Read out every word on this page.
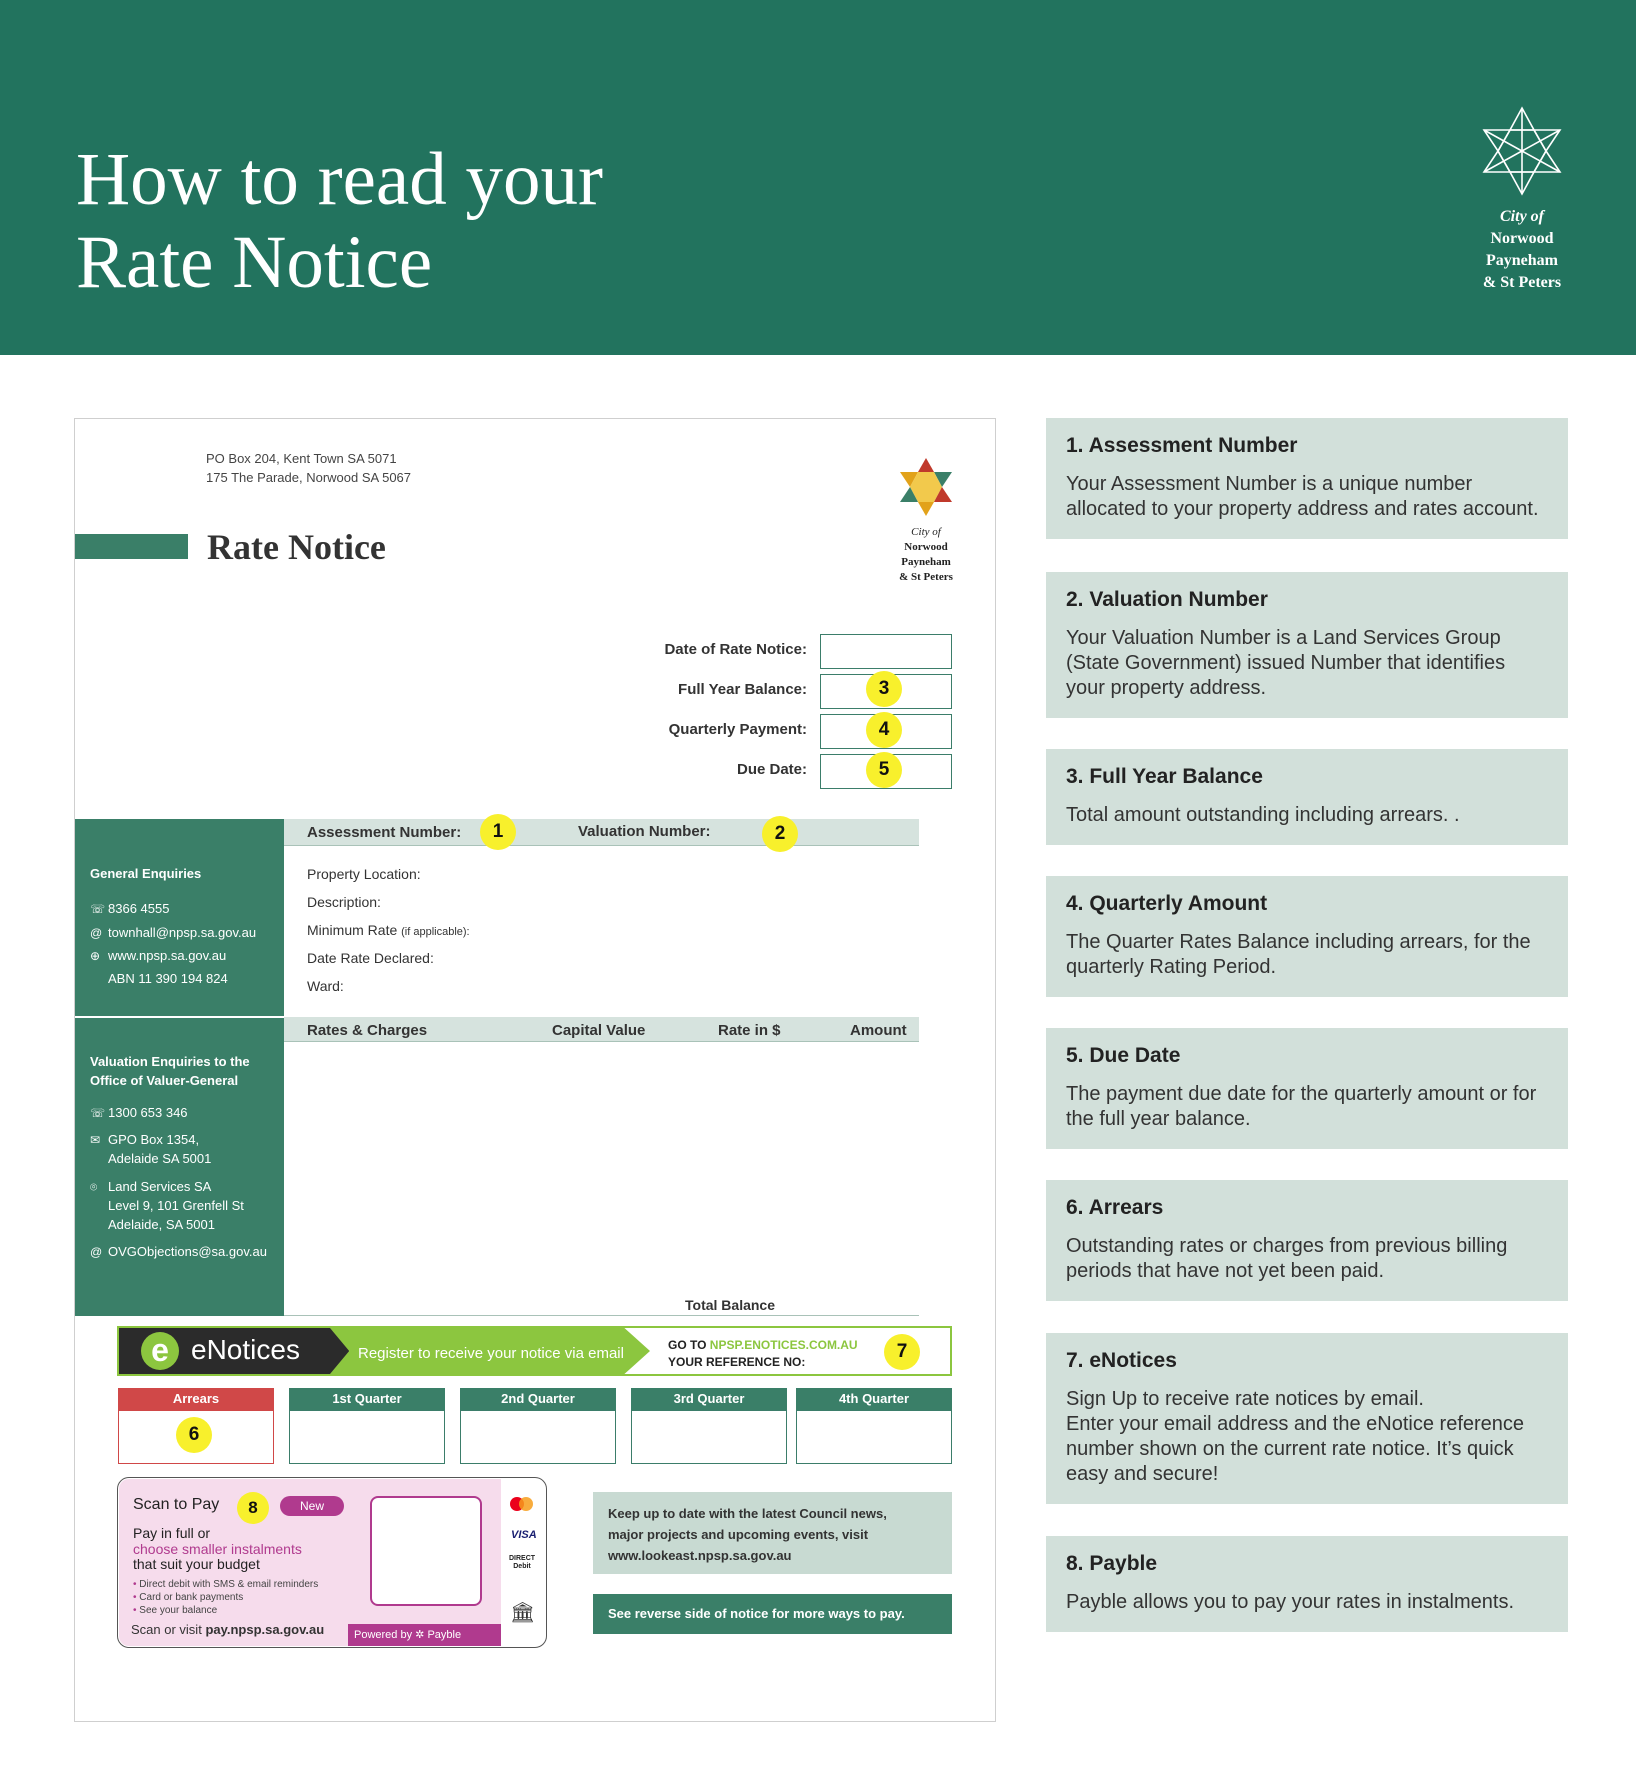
How to read your
Rate Notice
City of
Norwood
Payneham
& St Peters
PO Box 204, Kent Town SA 5071
175 The Parade, Norwood SA 5067
Rate Notice	City of
Norwood
Payneham
& St Peters
Date of Rate Notice:
Full Year Balance:
Quarterly Payment:
Due Date:
3
4
5
General Enquiries
☏ 8366 4555
@ townhall@npsp.sa.gov.au
⊕ www.npsp.sa.gov.au
ABN 11 390 194 824
Valuation Enquiries to the
Office of Valuer-General
☏ 1300 653 346
✉ GPO Box 1354,
Adelaide SA 5001
⌾ Land Services SA
Level 9, 101 Grenfell St
Adelaide, SA 5001
@ OVGObjections@sa.gov.au
Assessment Number:	Valuation Number:
1	2
Property Location:
Description:
Minimum Rate (if applicable):
Date Rate Declared:
Ward:
Rates & Charges	Capital Value	Rate in $	Amount
Total Balance
e eNotices	Register to receive your notice via email	GO TO NPSP.ENOTICES.COM.AU
YOUR REFERENCE NO:	7
Arrears	1st Quarter	2nd Quarter	3rd Quarter	4th Quarter
6
Scan to Pay	8	New
Pay in full or
choose smaller instalments
that suit your budget
• Direct debit with SMS & email reminders
• Card or bank payments
• See your balance
Scan or visit pay.npsp.sa.gov.au	Powered by ✲ Payble
VISA
DIRECT Debit
🏛
Keep up to date with the latest Council news,
major projects and upcoming events, visit
www.lookeast.npsp.sa.gov.au
See reverse side of notice for more ways to pay.
1. Assessment Number
Your Assessment Number is a unique number allocated to your property address and rates account.
2. Valuation Number
Your Valuation Number is a Land Services Group (State Government) issued Number that identifies your property address.
3. Full Year Balance
Total amount outstanding including arrears. .
4. Quarterly Amount
The Quarter Rates Balance including arrears, for the quarterly Rating Period.
5. Due Date
The payment due date for the quarterly amount or for the full year balance.
6. Arrears
Outstanding rates or charges from previous billing periods that have not yet been paid.
7. eNotices
Sign Up to receive rate notices by email.
Enter your email address and the eNotice reference number shown on the current rate notice. It’s quick easy and secure!
8. Payble
Payble allows you to pay your rates in instalments.
